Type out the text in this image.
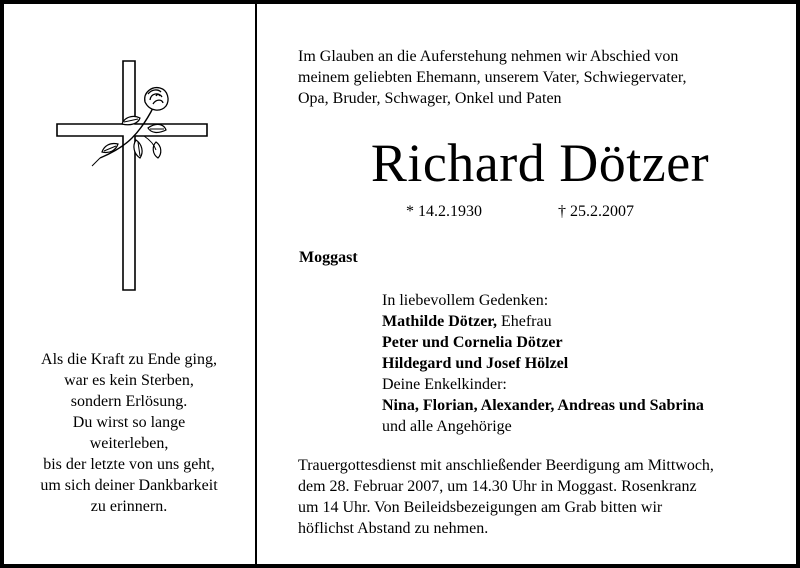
Als die Kraft zu Ende ging,
war es kein Sterben,
sondern Erlösung.
Du wirst so lange
weiterleben,
bis der letzte von uns geht,
um sich deiner Dankbarkeit
zu erinnern.
Im Glauben an die Auferstehung nehmen wir Abschied von
meinem geliebten Ehemann, unserem Vater, Schwiegervater,
Opa, Bruder, Schwager, Onkel und Paten
Richard Dötzer
* 14.2.1930	† 25.2.2007
Moggast
In liebevollem Gedenken:
Mathilde Dötzer, Ehefrau
Peter und Cornelia Dötzer
Hildegard und Josef Hölzel
Deine Enkelkinder:
Nina, Florian, Alexander, Andreas und Sabrina
und alle Angehörige
Trauergottesdienst mit anschließender Beerdigung am Mittwoch,
dem 28. Februar 2007, um 14.30 Uhr in Moggast. Rosenkranz
um 14 Uhr. Von Beileidsbezeigungen am Grab bitten wir
höflichst Abstand zu nehmen.
